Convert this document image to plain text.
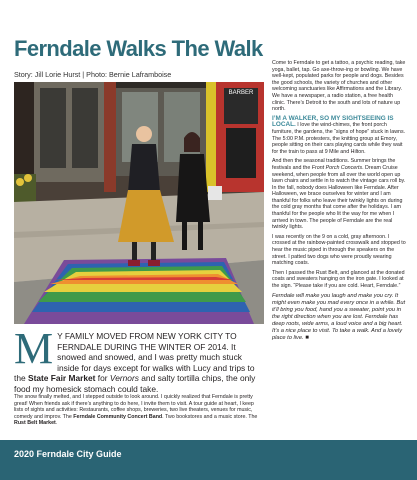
Ferndale Walks The Walk
Story: Jill Lorie Hurst | Photo: Bernie Laframboise
BARBER

Come to Ferndale to get a tattoo, a psychic reading, take yoga, ballet, tap. Go axe-throw-ing or bowling. We have well-kept, populated parks for people and dogs. Besides the good schools, the variety of churches and other welcoming sanctuaries like Affirmations and the Library. We have a newspaper, a radio station, a free health clinic. There’s Detroit to the south and lots of nature up north.

I’M A WALKER, SO MY SIGHTSEEING IS LOCAL. I love the wind-chimes, the front porch furniture, the gardens, the “signs of hope” stuck in lawns. The 5:00 P.M. protesters, the knitting group at Emory, people sitting on their cars playing cards while they wait for the train to pass at 9 Mile and Hilton.

And then the seasonal traditions. Summer brings the festivals and the Front Porch Concerts. Dream Cruise weekend, when people from all over the world open up lawn chairs and settle in to watch the vintage cars roll by. In the fall, nobody does Halloween like Ferndale. After Halloween, we brace ourselves for winter and I am thankful for folks who leave their twinkly lights on during the cold gray months that come after the holidays. I am thankful for the people who lit the way for me when I arrived in town. The people of Ferndale are the real twinkly lights.

I was recently on the 9 on a cold, gray afternoon. I crossed at the rainbow-painted crosswalk and stopped to hear the music piped in through the speakers on the street. I patted two dogs who were proudly wearing matching coats.

Then I passed the Rust Belt, and glanced at the donated coats and sweaters hanging on the iron gate. I looked at the sign. “Please take if you are cold. Heart, Ferndale.”

Ferndale will make you laugh and make you cry. It might even make you mad every once in a while. But it’ll bring you food, hand you a sweater, point you in the right direction when you are lost. Ferndale has deep roots, wide arms, a loud voice and a big heart. It’s a nice place to visit. To take a walk. And a lovely place to live. ■

M Y FAMILY MOVED FROM NEW YORK CITY TO FERNDALE DURING THE WINTER OF 2014. It snowed and snowed, and I was pretty much stuck inside for days except for walks with Lucy and trips to the State Fair Market for Vernors and salty tortilla chips, the only food my homesick stomach could take.
The snow finally melted, and I stepped outside to look around. I quickly realized that Ferndale is pretty great! When friends ask if there’s anything to do here, I invite them to visit. A tour guide at heart, I keep lists of sights and activities: Restaurants, coffee shops, breweries, two live theaters, venues for music, comedy and improv. The Ferndale Community Concert Band. Two bookstores and a music store. The Rust Belt Market.
2020 Ferndale City Guide
